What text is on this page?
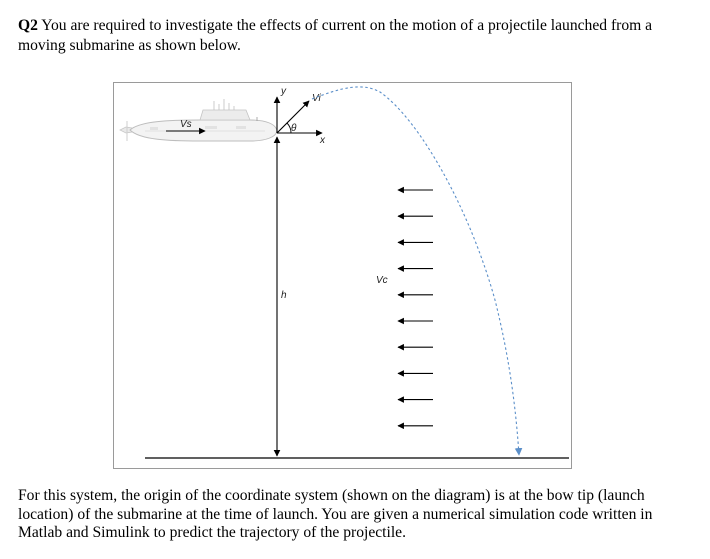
Q2 You are required to investigate the effects of current on the motion of a projectile launched from a moving submarine as shown below.
Vs
y
x
Vi
θ
h
Vc
For this system, the origin of the coordinate system (shown on the diagram) is at the bow tip (launch location) of the submarine at the time of launch. You are given a numerical simulation code written in Matlab and Simulink to predict the trajectory of the projectile.
